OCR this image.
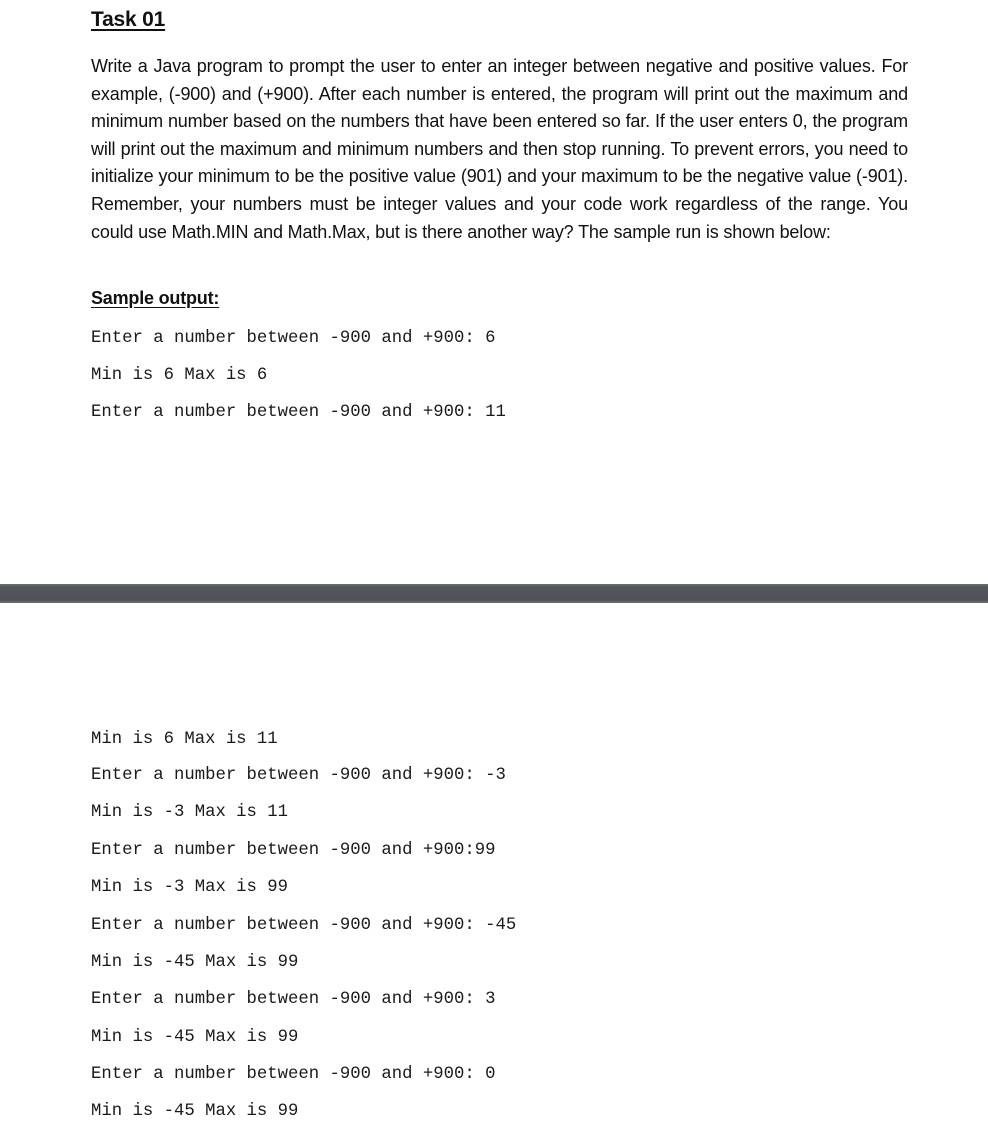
Task 01

Write a Java program to prompt the user to enter an integer between negative and positive values. For example, (-900) and (+900). After each number is entered, the program will print out the maximum and minimum number based on the numbers that have been entered so far. If the user enters 0, the program will print out the maximum and minimum numbers and then stop running. To prevent errors, you need to initialize your minimum to be the positive value (901) and your maximum to be the negative value (-901). Remember, your numbers must be integer values and your code work regardless of the range. You could use Math.MIN and Math.Max, but is there another way? The sample run is shown below:

Sample output:
Enter a number between -900 and +900: 6
Min is 6 Max is 6
Enter a number between -900 and +900: 11
Min is 6 Max is 11
Enter a number between -900 and +900: -3
Min is -3 Max is 11
Enter a number between -900 and +900:99
Min is -3 Max is 99
Enter a number between -900 and +900: -45
Min is -45 Max is 99
Enter a number between -900 and +900: 3
Min is -45 Max is 99
Enter a number between -900 and +900: 0
Min is -45 Max is 99
